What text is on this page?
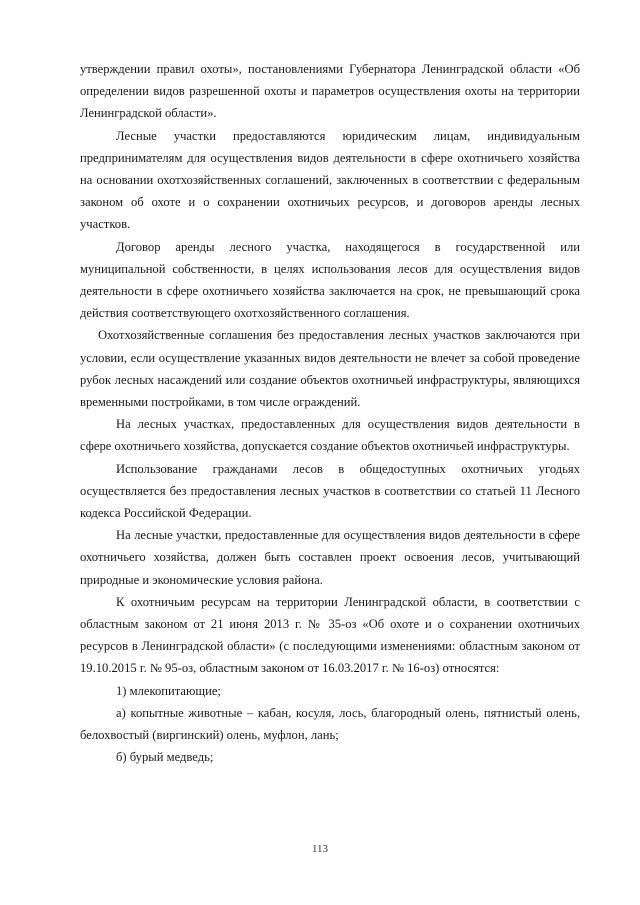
утверждении правил охоты», постановлениями Губернатора Ленинградской области «Об определении видов разрешенной охоты и параметров осуществления охоты на территории Ленинградской области».

Лесные участки предоставляются юридическим лицам, индивидуальным предпринимателям для осуществления видов деятельности в сфере охотничьего хозяйства на основании охотхозяйственных соглашений, заключенных в соответствии с федеральным законом об охоте и о сохранении охотничьих ресурсов, и договоров аренды лесных участков.

Договор аренды лесного участка, находящегося в государственной или муниципальной собственности, в целях использования лесов для осуществления видов деятельности в сфере охотничьего хозяйства заключается на срок, не превышающий срока действия соответствующего охотхозяйственного соглашения.

Охотхозяйственные соглашения без предоставления лесных участков заключаются при условии, если осуществление указанных видов деятельности не влечет за собой проведение рубок лесных насаждений или создание объектов охотничьей инфраструктуры, являющихся временными постройками, в том числе ограждений.

На лесных участках, предоставленных для осуществления видов деятельности в сфере охотничьего хозяйства, допускается создание объектов охотничьей инфраструктуры.

Использование гражданами лесов в общедоступных охотничьих угодьях осуществляется без предоставления лесных участков в соответствии со статьей 11 Лесного кодекса Российской Федерации.

На лесные участки, предоставленные для осуществления видов деятельности в сфере охотничьего хозяйства, должен быть составлен проект освоения лесов, учитывающий природные и экономические условия района.

К охотничьим ресурсам на территории Ленинградской области, в соответствии с областным законом от 21 июня 2013 г. № 35-оз «Об охоте и о сохранении охотничьих ресурсов в Ленинградской области» (с последующими изменениями: областным законом от 19.10.2015 г. № 95-оз, областным законом от 16.03.2017 г. № 16-оз) относятся:

1) млекопитающие;

а) копытные животные – кабан, косуля, лось, благородный олень, пятнистый олень, белохвостый (виргинский) олень, муфлон, лань;

б) бурый медведь;

113
